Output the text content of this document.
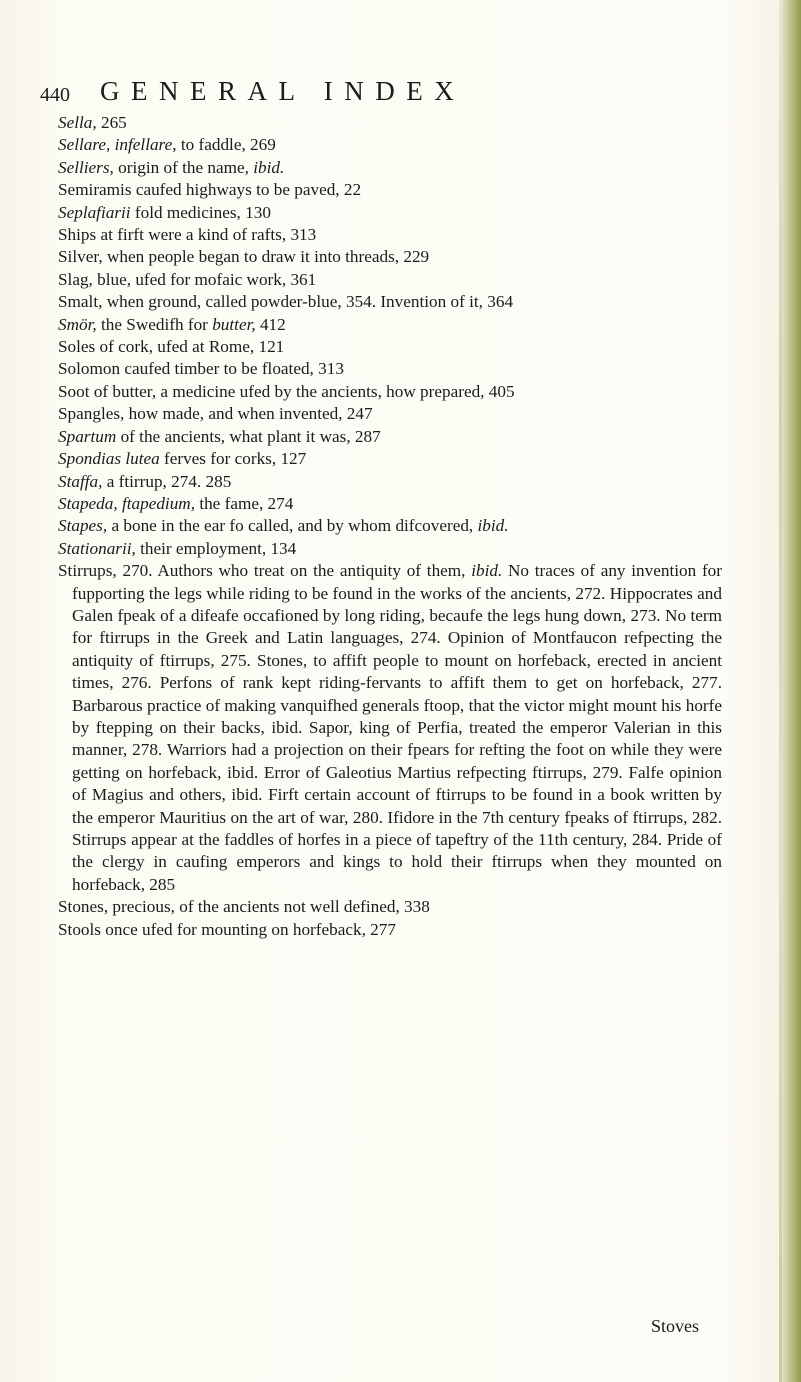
440 GENERAL INDEX

Sella, 265

Sellare, infellare, to faddle, 269

Selliers, origin of the name, ibid.

Semiramis caufed highways to be paved, 22

Seplafiarii fold medicines, 130

Ships at firft were a kind of rafts, 313

Silver, when people began to draw it into threads, 229

Slag, blue, ufed for mofaic work, 361

Smalt, when ground, called powder-blue, 354. Invention of it, 364

Smör, the Swedifh for butter, 412

Soles of cork, ufed at Rome, 121

Solomon caufed timber to be floated, 313

Soot of butter, a medicine ufed by the ancients, how prepared, 405

Spangles, how made, and when invented, 247

Spartum of the ancients, what plant it was, 287

Spondias lutea ferves for corks, 127

Staffa, a ftirrup, 274. 285

Stapeda, ftapedium, the fame, 274

Stapes, a bone in the ear fo called, and by whom difcovered, ibid.

Stationarii, their employment, 134

Stirrups, 270. Authors who treat on the antiquity of them, ibid. No traces of any invention for fupporting the legs while riding to be found in the works of the ancients, 272. Hippocrates and Galen fpeak of a difeafe occafioned by long riding, becaufe the legs hung down, 273. No term for ftirrups in the Greek and Latin languages, 274. Opinion of Montfaucon refpecting the antiquity of ftirrups, 275. Stones, to affift people to mount on horfeback, erected in ancient times, 276. Perfons of rank kept riding-fervants to affift them to get on horfeback, 277. Barbarous practice of making vanquifhed generals ftoop, that the victor might mount his horfe by ftepping on their backs, ibid. Sapor, king of Perfia, treated the emperor Valerian in this manner, 278. Warriors had a projection on their fpears for refting the foot on while they were getting on horfeback, ibid. Error of Galeotius Martius refpecting ftirrups, 279. Falfe opinion of Magius and others, ibid. Firft certain account of ftirrups to be found in a book written by the emperor Mauritius on the art of war, 280. Ifidore in the 7th century fpeaks of ftirrups, 282. Stirrups appear at the faddles of horfes in a piece of tapeftry of the 11th century, 284. Pride of the clergy in caufing emperors and kings to hold their ftirrups when they mounted on horfeback, 285

Stones, precious, of the ancients not well defined, 338

Stools once ufed for mounting on horfeback, 277

Stoves
